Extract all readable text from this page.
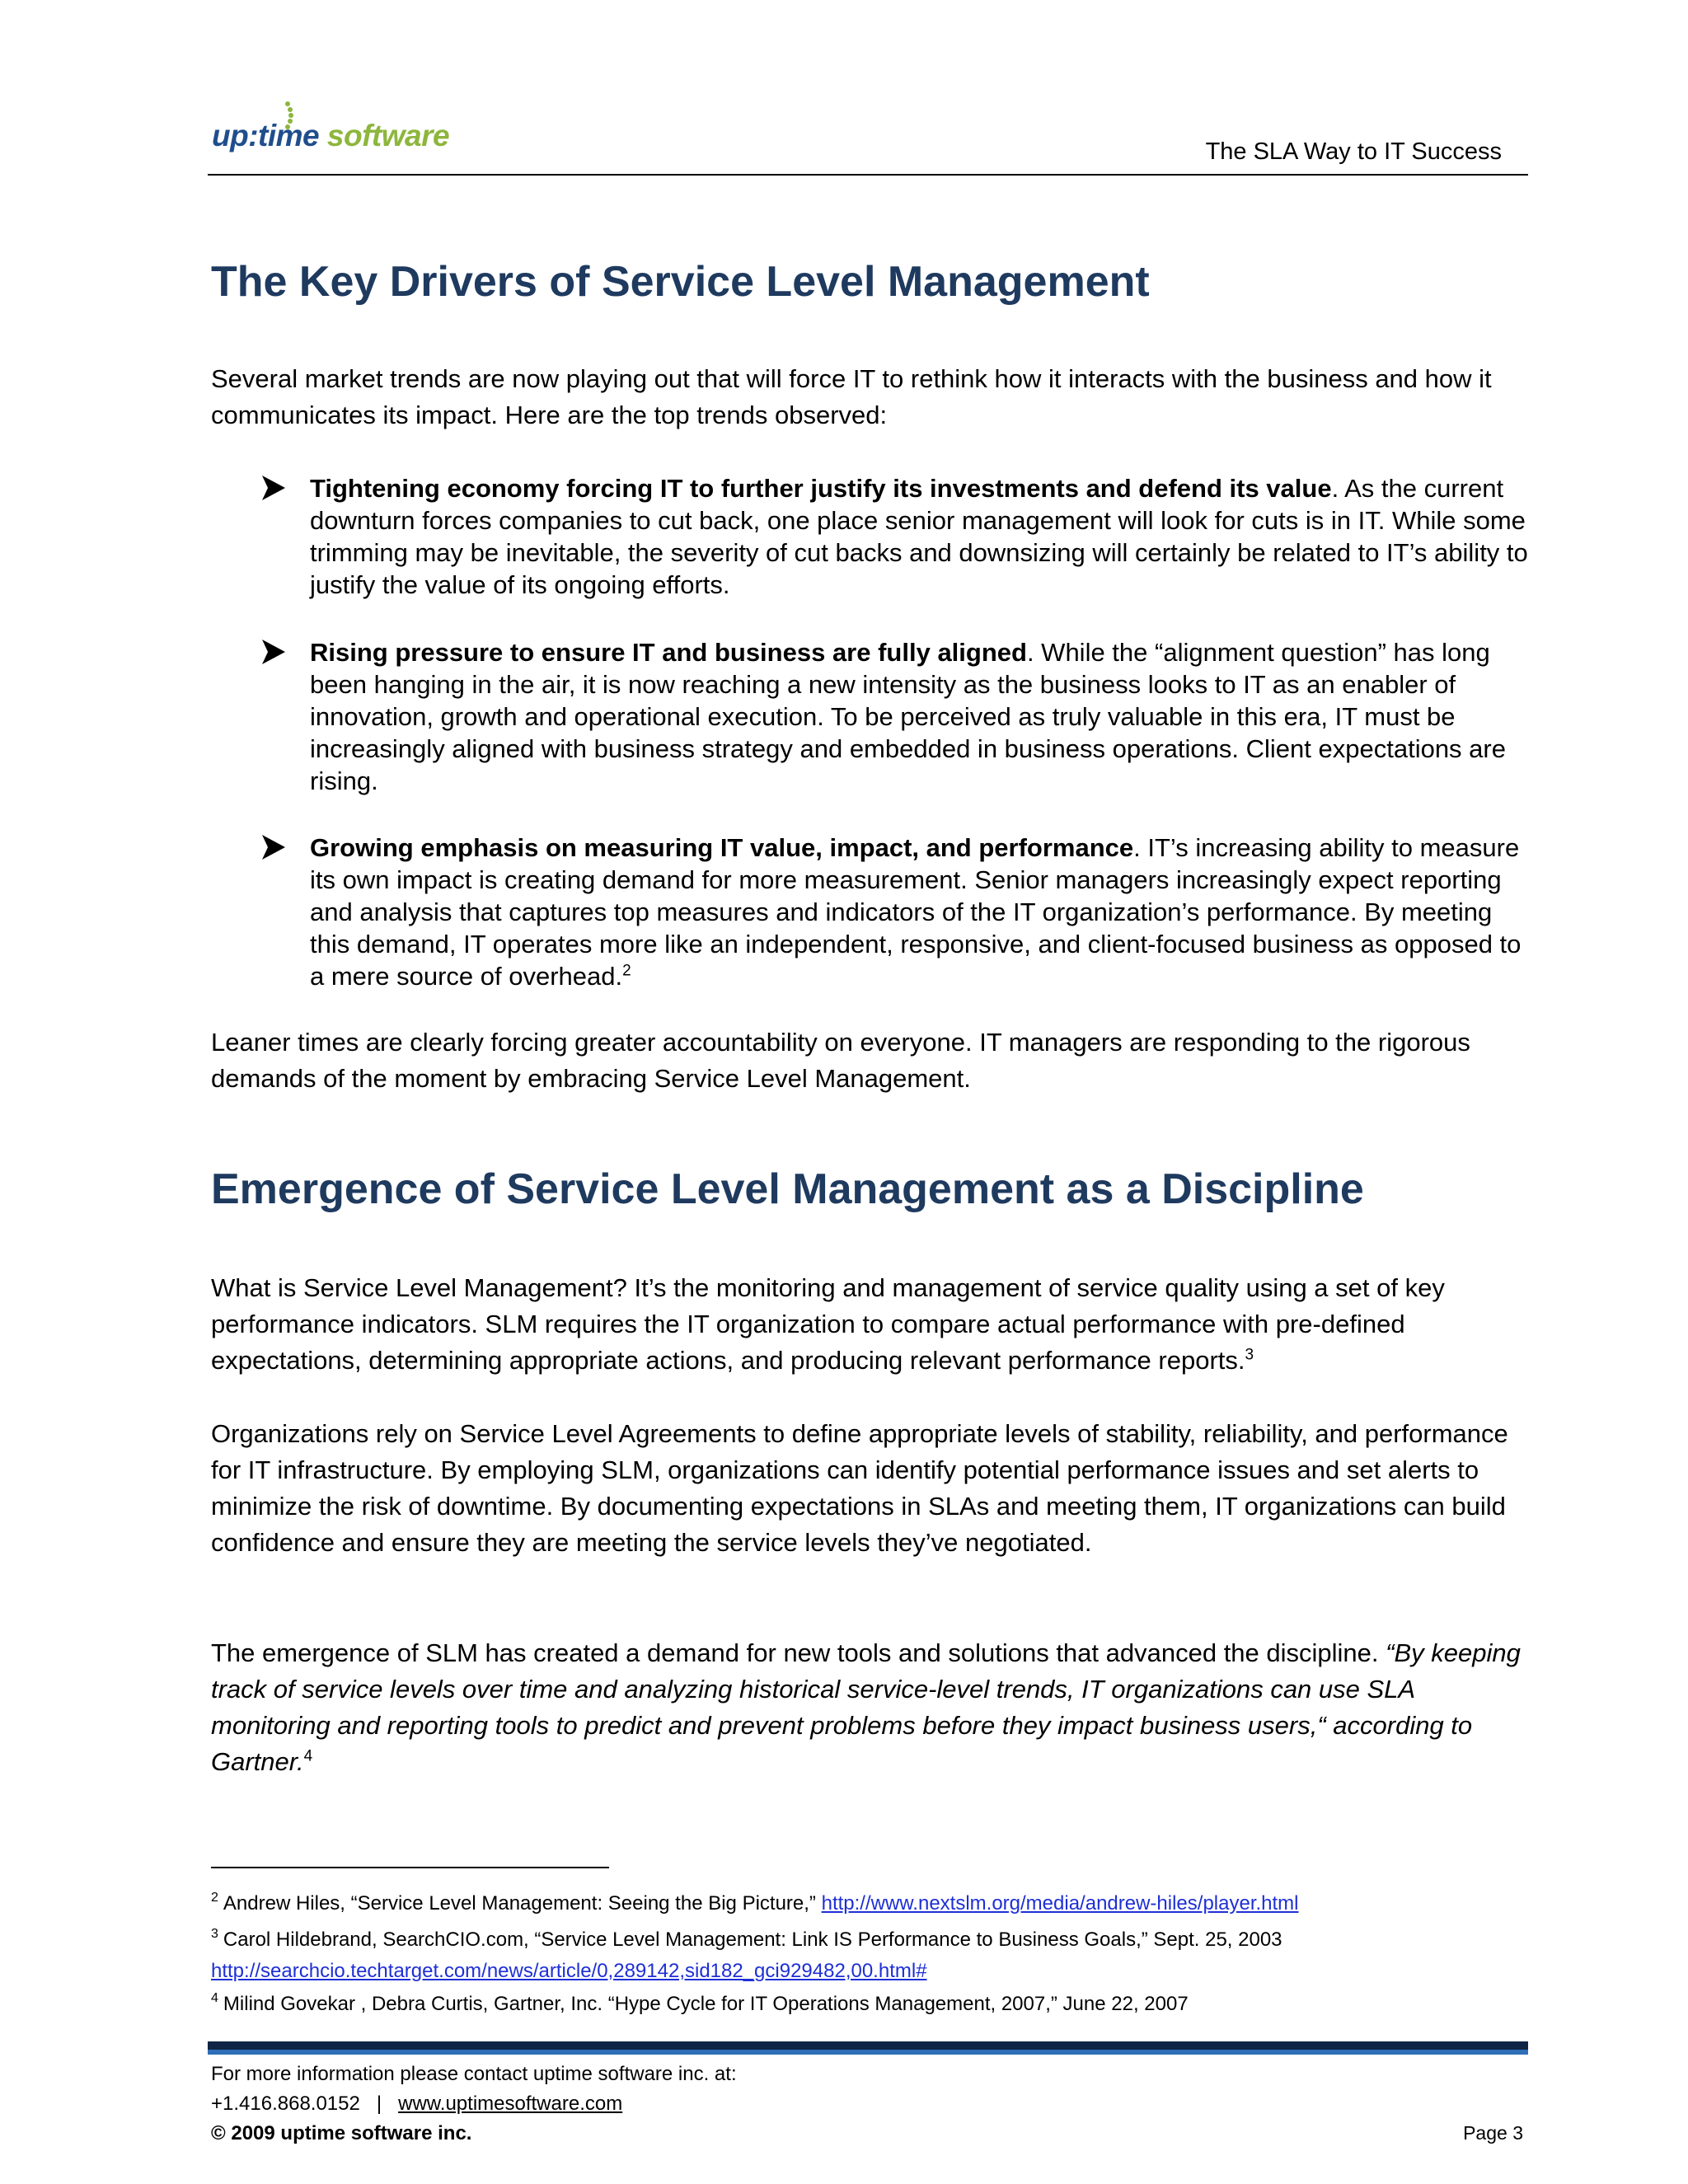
up:time software	The SLA Way to IT Success
The Key Drivers of Service Level Management

Several market trends are now playing out that will force IT to rethink how it interacts with the business and how it communicates its impact. Here are the top trends observed:

Tightening economy forcing IT to further justify its investments and defend its value. As the current downturn forces companies to cut back, one place senior management will look for cuts is in IT. While some trimming may be inevitable, the severity of cut backs and downsizing will certainly be related to IT’s ability to justify the value of its ongoing efforts.

Rising pressure to ensure IT and business are fully aligned. While the “alignment question” has long been hanging in the air, it is now reaching a new intensity as the business looks to IT as an enabler of innovation, growth and operational execution. To be perceived as truly valuable in this era, IT must be increasingly aligned with business strategy and embedded in business operations. Client expectations are rising.

Growing emphasis on measuring IT value, impact, and performance. IT’s increasing ability to measure its own impact is creating demand for more measurement. Senior managers increasingly expect reporting and analysis that captures top measures and indicators of the IT organization’s performance. By meeting this demand, IT operates more like an independent, responsive, and client-focused business as opposed to a mere source of overhead.$^2$

Leaner times are clearly forcing greater accountability on everyone. IT managers are responding to the rigorous demands of the moment by embracing Service Level Management.

Emergence of Service Level Management as a Discipline

What is Service Level Management? It’s the monitoring and management of service quality using a set of key performance indicators. SLM requires the IT organization to compare actual performance with pre-defined expectations, determining appropriate actions, and producing relevant performance reports.$^3$

Organizations rely on Service Level Agreements to define appropriate levels of stability, reliability, and performance for IT infrastructure. By employing SLM, organizations can identify potential performance issues and set alerts to minimize the risk of downtime. By documenting expectations in SLAs and meeting them, IT organizations can build confidence and ensure they are meeting the service levels they’ve negotiated.

The emergence of SLM has created a demand for new tools and solutions that advanced the discipline. “By keeping track of service levels over time and analyzing historical service-level trends, IT organizations can use SLA monitoring and reporting tools to predict and prevent problems before they impact business users,“ according to Gartner.$^4$

$^2$ Andrew Hiles, “Service Level Management: Seeing the Big Picture,” http://www.nextslm.org/media/andrew-hiles/player.html
$^3$ Carol Hildebrand, SearchCIO.com, “Service Level Management: Link IS Performance to Business Goals,” Sept. 25, 2003
http://searchcio.techtarget.com/news/article/0,289142,sid182_gci929482,00.html#
$^4$ Milind Govekar , Debra Curtis, Gartner, Inc. “Hype Cycle for IT Operations Management, 2007,” June 22, 2007
For more information please contact uptime software inc. at:
+1.416.868.0152 | www.uptimesoftware.com
© 2009 uptime software inc.	Page 3
